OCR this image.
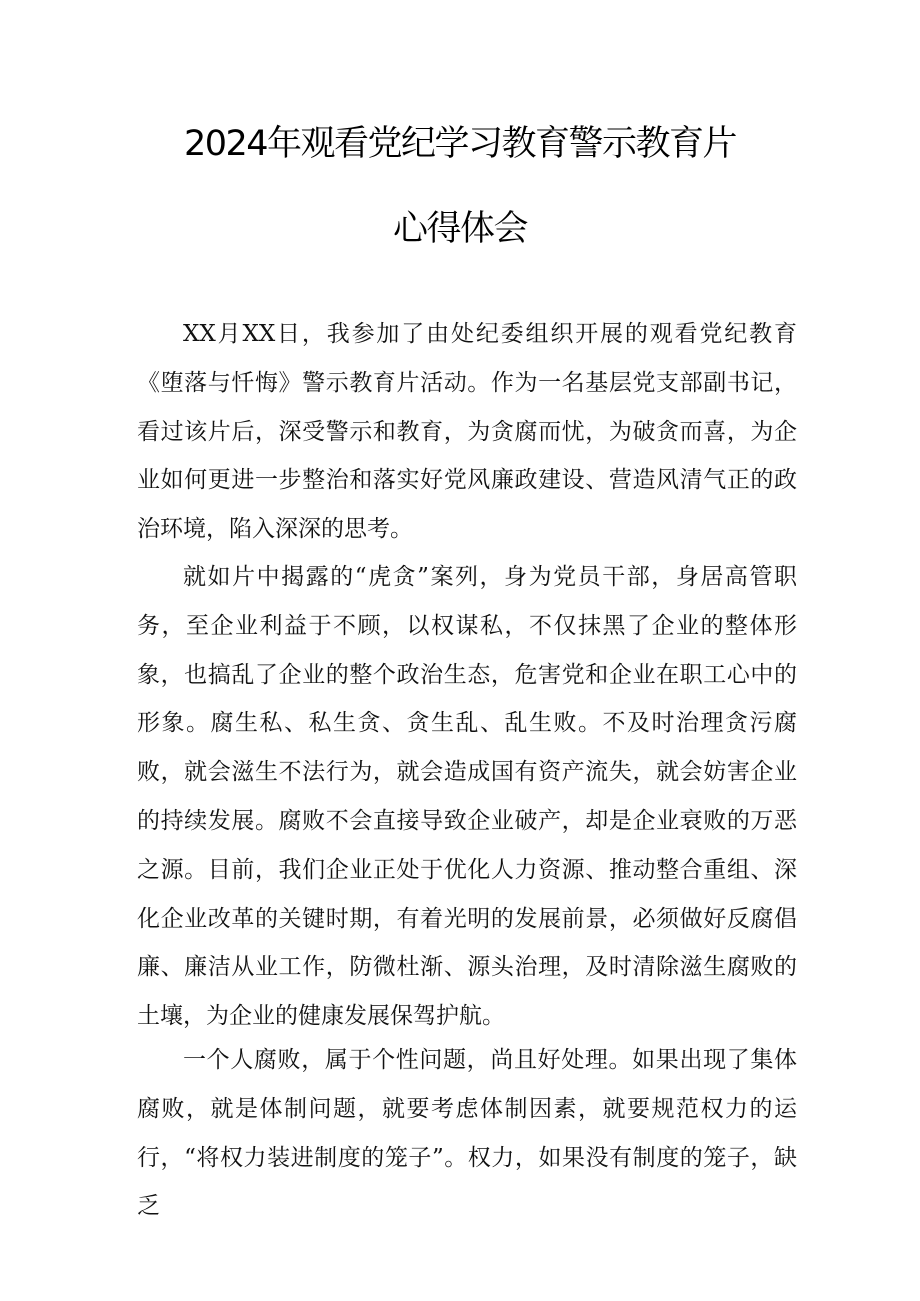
2024年观看党纪学习教育警示教育片
心得体会

XX月XX日，我参加了由处纪委组织开展的观看党纪教育《堕落与忏悔》警示教育片活动。作为一名基层党支部副书记，看过该片后，深受警示和教育，为贪腐而忧，为破贪而喜，为企业如何更进一步整治和落实好党风廉政建设、营造风清气正的政治环境，陷入深深的思考。

就如片中揭露的“虎贪”案列，身为党员干部，身居高管职务，至企业利益于不顾，以权谋私，不仅抹黑了企业的整体形象，也搞乱了企业的整个政治生态，危害党和企业在职工心中的形象。腐生私、私生贪、贪生乱、乱生败。不及时治理贪污腐败，就会滋生不法行为，就会造成国有资产流失，就会妨害企业的持续发展。腐败不会直接导致企业破产，却是企业衰败的万恶之源。目前，我们企业正处于优化人力资源、推动整合重组、深化企业改革的关键时期，有着光明的发展前景，必须做好反腐倡廉、廉洁从业工作，防微杜渐、源头治理，及时清除滋生腐败的土壤，为企业的健康发展保驾护航。

一个人腐败，属于个性问题，尚且好处理。如果出现了集体腐败，就是体制问题，就要考虑体制因素，就要规范权力的运行，“将权力装进制度的笼子”。权力，如果没有制度的笼子，缺乏
